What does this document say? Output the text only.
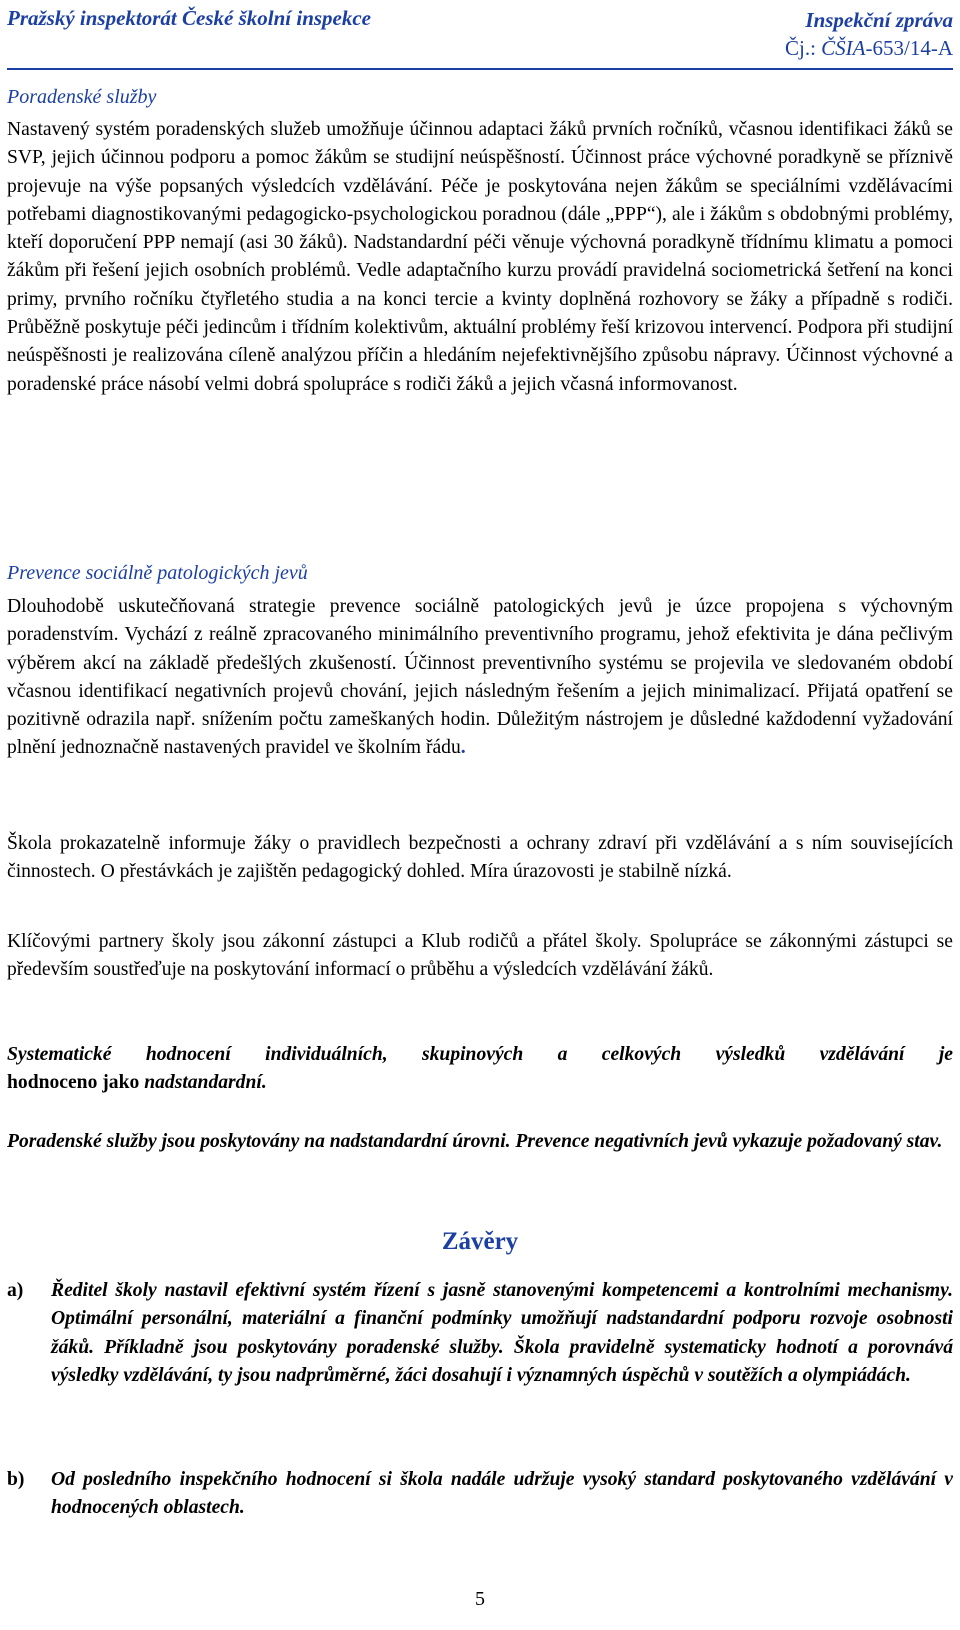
Pražský inspektorát České školní inspekce	Inspekční zpráva
Čj.: ČŠIA-653/14-A
Poradenské služby
Nastavený systém poradenských služeb umožňuje účinnou adaptaci žáků prvních ročníků, včasnou identifikaci žáků se SVP, jejich účinnou podporu a pomoc žákům se studijní neúspěšností. Účinnost práce výchovné poradkyně se příznivě projevuje na výše popsaných výsledcích vzdělávání. Péče je poskytována nejen žákům se speciálními vzdělávacími potřebami diagnostikovanými pedagogicko-psychologickou poradnou (dále „PPP“), ale i žákům s obdobnými problémy, kteří doporučení PPP nemají (asi 30 žáků). Nadstandardní péči věnuje výchovná poradkyně třídnímu klimatu a pomoci žákům při řešení jejich osobních problémů. Vedle adaptačního kurzu provádí pravidelná sociometrická šetření na konci primy, prvního ročníku čtyřletého studia a na konci tercie a kvinty doplněná rozhovory se žáky a případně s rodiči. Průběžně poskytuje péči jedincům i třídním kolektivům, aktuální problémy řeší krizovou intervencí. Podpora při studijní neúspěšnosti je realizována cíleně analýzou příčin a hledáním nejefektivnějšího způsobu nápravy. Účinnost výchovné a poradenské práce násobí velmi dobrá spolupráce s rodiči žáků a jejich včasná informovanost.
Prevence sociálně patologických jevů
Dlouhodobě uskutečňovaná strategie prevence sociálně patologických jevů je úzce propojena s výchovným poradenstvím. Vychází z reálně zpracovaného minimálního preventivního programu, jehož efektivita je dána pečlivým výběrem akcí na základě předešlých zkušeností. Účinnost preventivního systému se projevila ve sledovaném období včasnou identifikací negativních projevů chování, jejich následným řešením a jejich minimalizací. Přijatá opatření se pozitivně odrazila např. snížením počtu zameškaných hodin. Důležitým nástrojem je důsledné každodenní vyžadování plnění jednoznačně nastavených pravidel ve školním řádu.
Škola prokazatelně informuje žáky o pravidlech bezpečnosti a ochrany zdraví při vzdělávání a s ním souvisejících činnostech. O přestávkách je zajištěn pedagogický dohled. Míra úrazovosti je stabilně nízká.
Klíčovými partnery školy jsou zákonní zástupci a Klub rodičů a přátel školy. Spolupráce se zákonnými zástupci se především soustřeďuje na poskytování informací o průběhu a výsledcích vzdělávání žáků.
Systematické hodnocení individuálních, skupinových a celkových výsledků vzdělávání je
hodnoceno jako nadstandardní.
Poradenské služby jsou poskytovány na nadstandardní úrovni. Prevence negativních jevů vykazuje požadovaný stav.
Závěry
a) Ředitel školy nastavil efektivní systém řízení s jasně stanovenými kompetencemi a kontrolními mechanismy. Optimální personální, materiální a finanční podmínky umožňují nadstandardní podporu rozvoje osobnosti žáků. Příkladně jsou poskytovány poradenské služby. Škola pravidelně systematicky hodnotí a porovnává výsledky vzdělávání, ty jsou nadprůměrné, žáci dosahují i významných úspěchů v soutěžích a olympiádách.
b) Od posledního inspekčního hodnocení si škola nadále udržuje vysoký standard poskytovaného vzdělávání v hodnocených oblastech.
5
